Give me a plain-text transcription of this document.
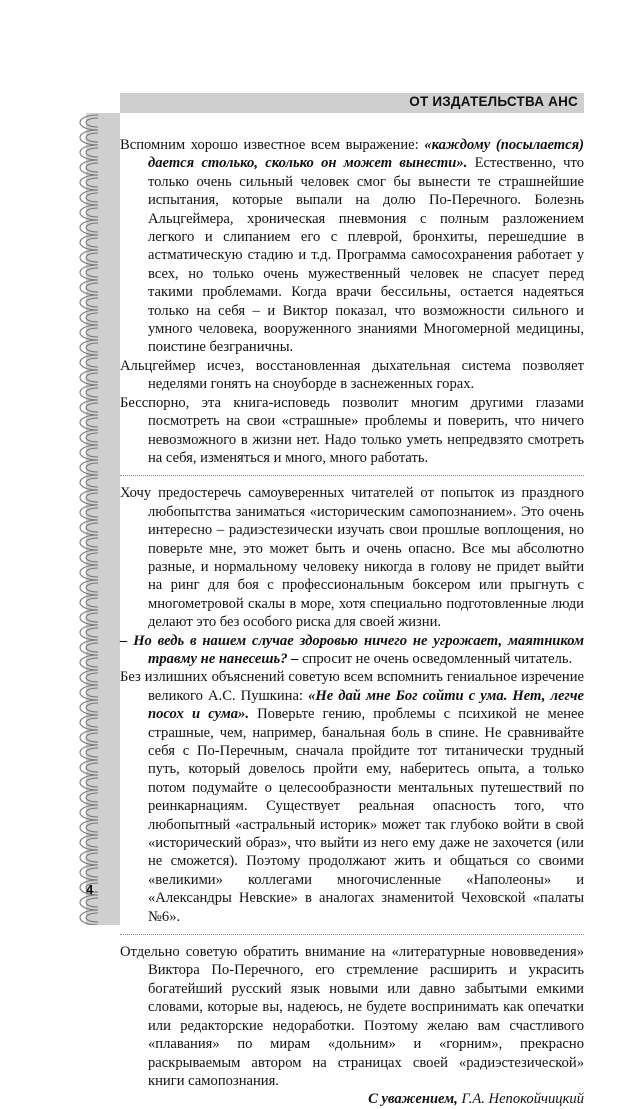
ОТ ИЗДАТЕЛЬСТВА АНС
4

Вспомним хорошо известное всем выражение: «каждому (посылается) дается столько, сколько он может вынести». Естественно, что только очень сильный человек смог бы вынести те страшнейшие испытания, которые выпали на долю По-Перечного. Болезнь Альцгеймера, хроническая пневмония с полным разложением легкого и слипанием его с плеврой, бронхиты, перешедшие в астматическую стадию и т.д. Программа самосохранения работает у всех, но только очень мужественный человек не спасует перед такими проблемами. Когда врачи бессильны, остается надеяться только на себя – и Виктор показал, что возможности сильного и умного человека, вооруженного знаниями Многомерной медицины, поистине безграничны.

Альцгеймер исчез, восстановленная дыхательная система позволяет неделями гонять на сноуборде в заснеженных горах.

Бесспорно, эта книга-исповедь позволит многим другими глазами посмотреть на свои «страшные» проблемы и поверить, что ничего невозможного в жизни нет. Надо только уметь непредвзято смотреть на себя, изменяться и много, много работать.

Хочу предостеречь самоуверенных читателей от попыток из праздного любопытства заниматься «историческим самопознанием». Это очень интересно – радиэстезически изучать свои прошлые воплощения, но поверьте мне, это может быть и очень опасно. Все мы абсолютно разные, и нормальному человеку никогда в голову не придет выйти на ринг для боя с профессиональным боксером или прыгнуть с многометровой скалы в море, хотя специально подготовленные люди делают это без особого риска для своей жизни.

– Но ведь в нашем случае здоровью ничего не угрожает, маятником травму не нанесешь? – спросит не очень осведомленный читатель.

Без излишних объяснений советую всем вспомнить гениальное изречение великого А.С. Пушкина: «Не дай мне Бог сойти с ума. Нет, легче посох и сума». Поверьте гению, проблемы с психикой не менее страшные, чем, например, банальная боль в спине. Не сравнивайте себя с По-Перечным, сначала пройдите тот титанически трудный путь, который довелось пройти ему, наберитесь опыта, а только потом подумайте о целесообразности ментальных путешествий по реинкарнациям. Существует реальная опасность того, что любопытный «астральный историк» может так глубоко войти в свой «исторический образ», что выйти из него ему даже не захочется (или не сможется). Поэтому продолжают жить и общаться со своими «великими» коллегами многочисленные «Наполеоны» и «Александры Невские» в аналогах знаменитой Чеховской «палаты №6».

Отдельно советую обратить внимание на «литературные нововведения» Виктора По-Перечного, его стремление расширить и украсить богатейший русский язык новыми или давно забытыми емкими словами, которые вы, надеюсь, не будете воспринимать как опечатки или редакторские недоработки. Поэтому желаю вам счастливого «плавания» по мирам «дольним» и «горним», прекрасно раскрываемым автором на страницах своей «радиэстезической» книги самопознания.

С уважением, Г.А. Непокойчицкий
